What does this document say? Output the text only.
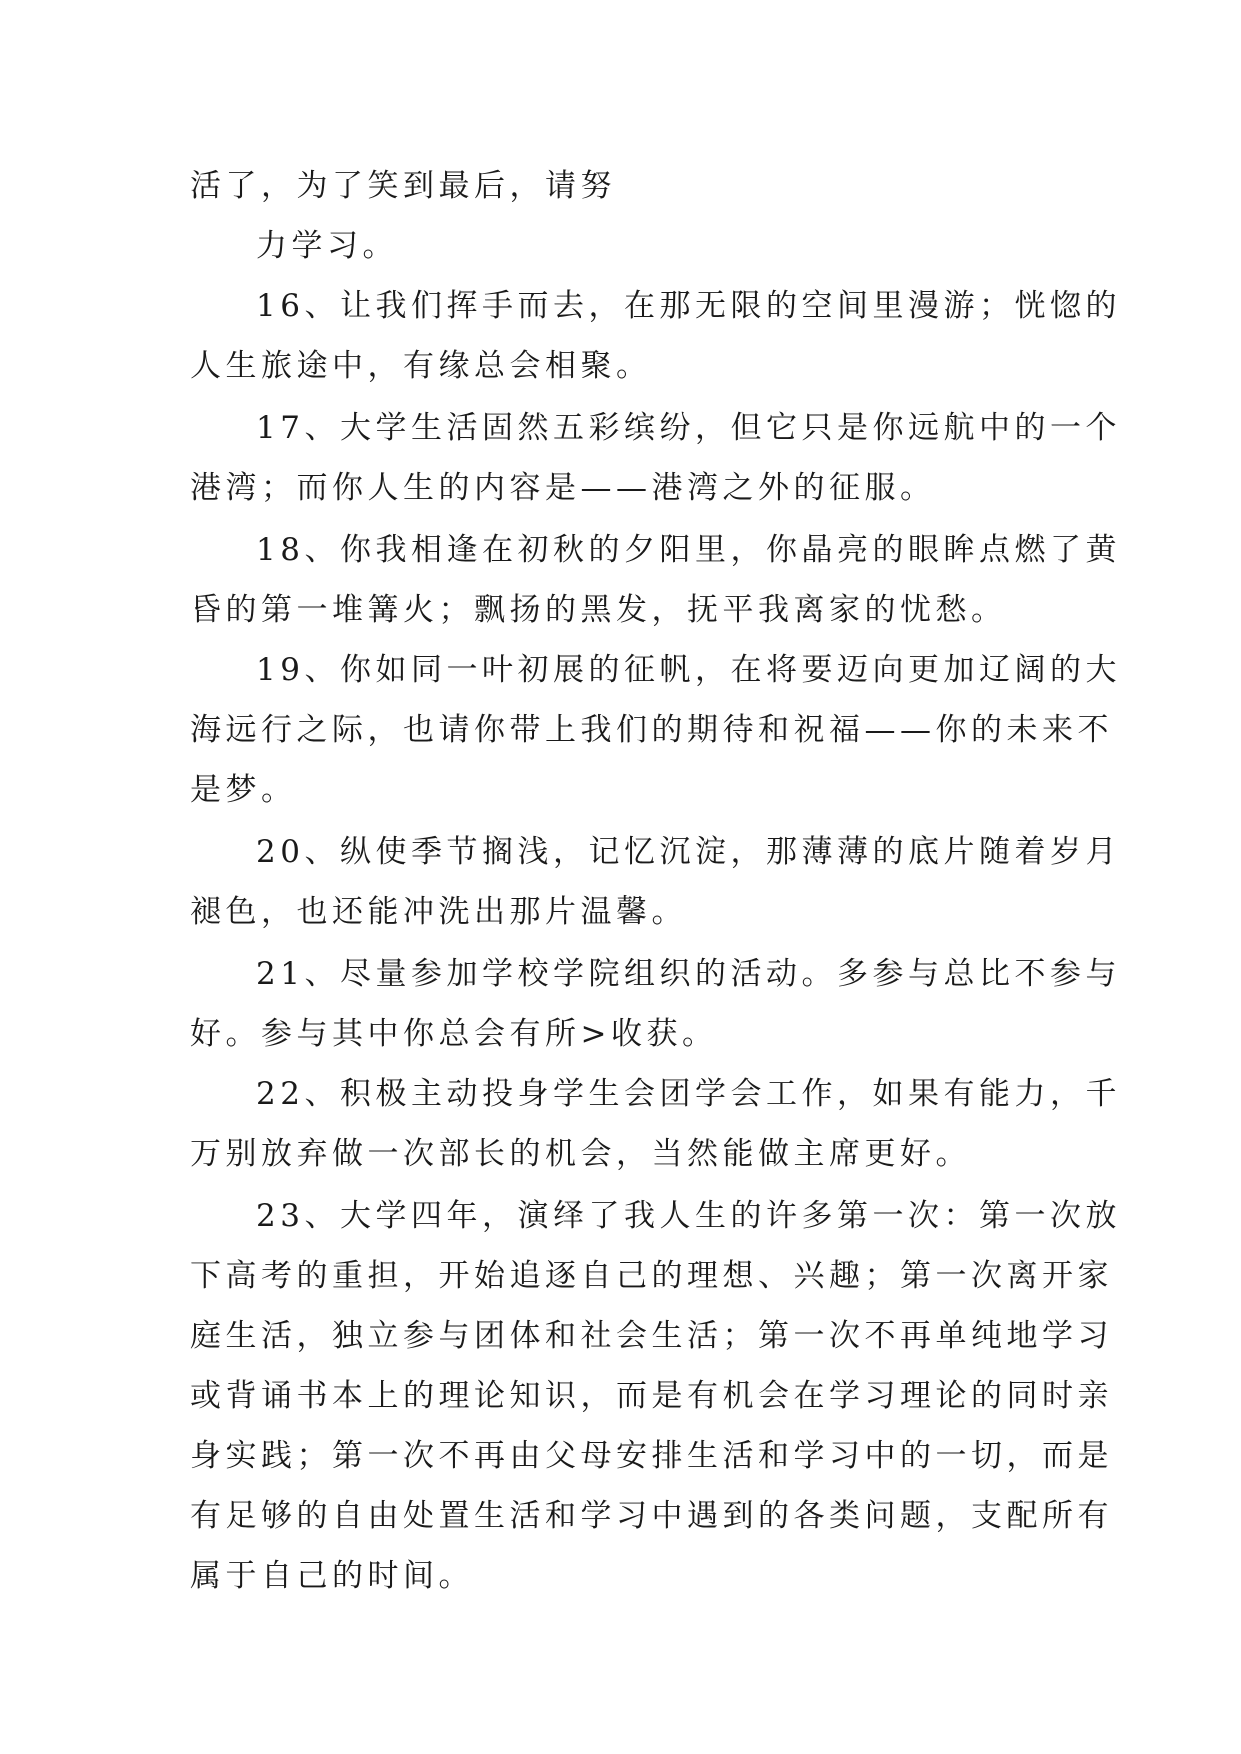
活了，为了笑到最后，请努
力学习。
16、让我们挥手而去，在那无限的空间里漫游；恍惚的
人生旅途中，有缘总会相聚。
17、大学生活固然五彩缤纷，但它只是你远航中的一个
港湾；而你人生的内容是——港湾之外的征服。
18、你我相逢在初秋的夕阳里，你晶亮的眼眸点燃了黄
昏的第一堆篝火；飘扬的黑发，抚平我离家的忧愁。
19、你如同一叶初展的征帆，在将要迈向更加辽阔的大
海远行之际，也请你带上我们的期待和祝福——你的未来不
是梦。
20、纵使季节搁浅，记忆沉淀，那薄薄的底片随着岁月
褪色，也还能冲洗出那片温馨。
21、尽量参加学校学院组织的活动。多参与总比不参与
好。参与其中你总会有所>收获。
22、积极主动投身学生会团学会工作，如果有能力，千
万别放弃做一次部长的机会，当然能做主席更好。
23、大学四年，演绎了我人生的许多第一次：第一次放
下高考的重担，开始追逐自己的理想、兴趣；第一次离开家
庭生活，独立参与团体和社会生活；第一次不再单纯地学习
或背诵书本上的理论知识，而是有机会在学习理论的同时亲
身实践；第一次不再由父母安排生活和学习中的一切，而是
有足够的自由处置生活和学习中遇到的各类问题，支配所有
属于自己的时间。
